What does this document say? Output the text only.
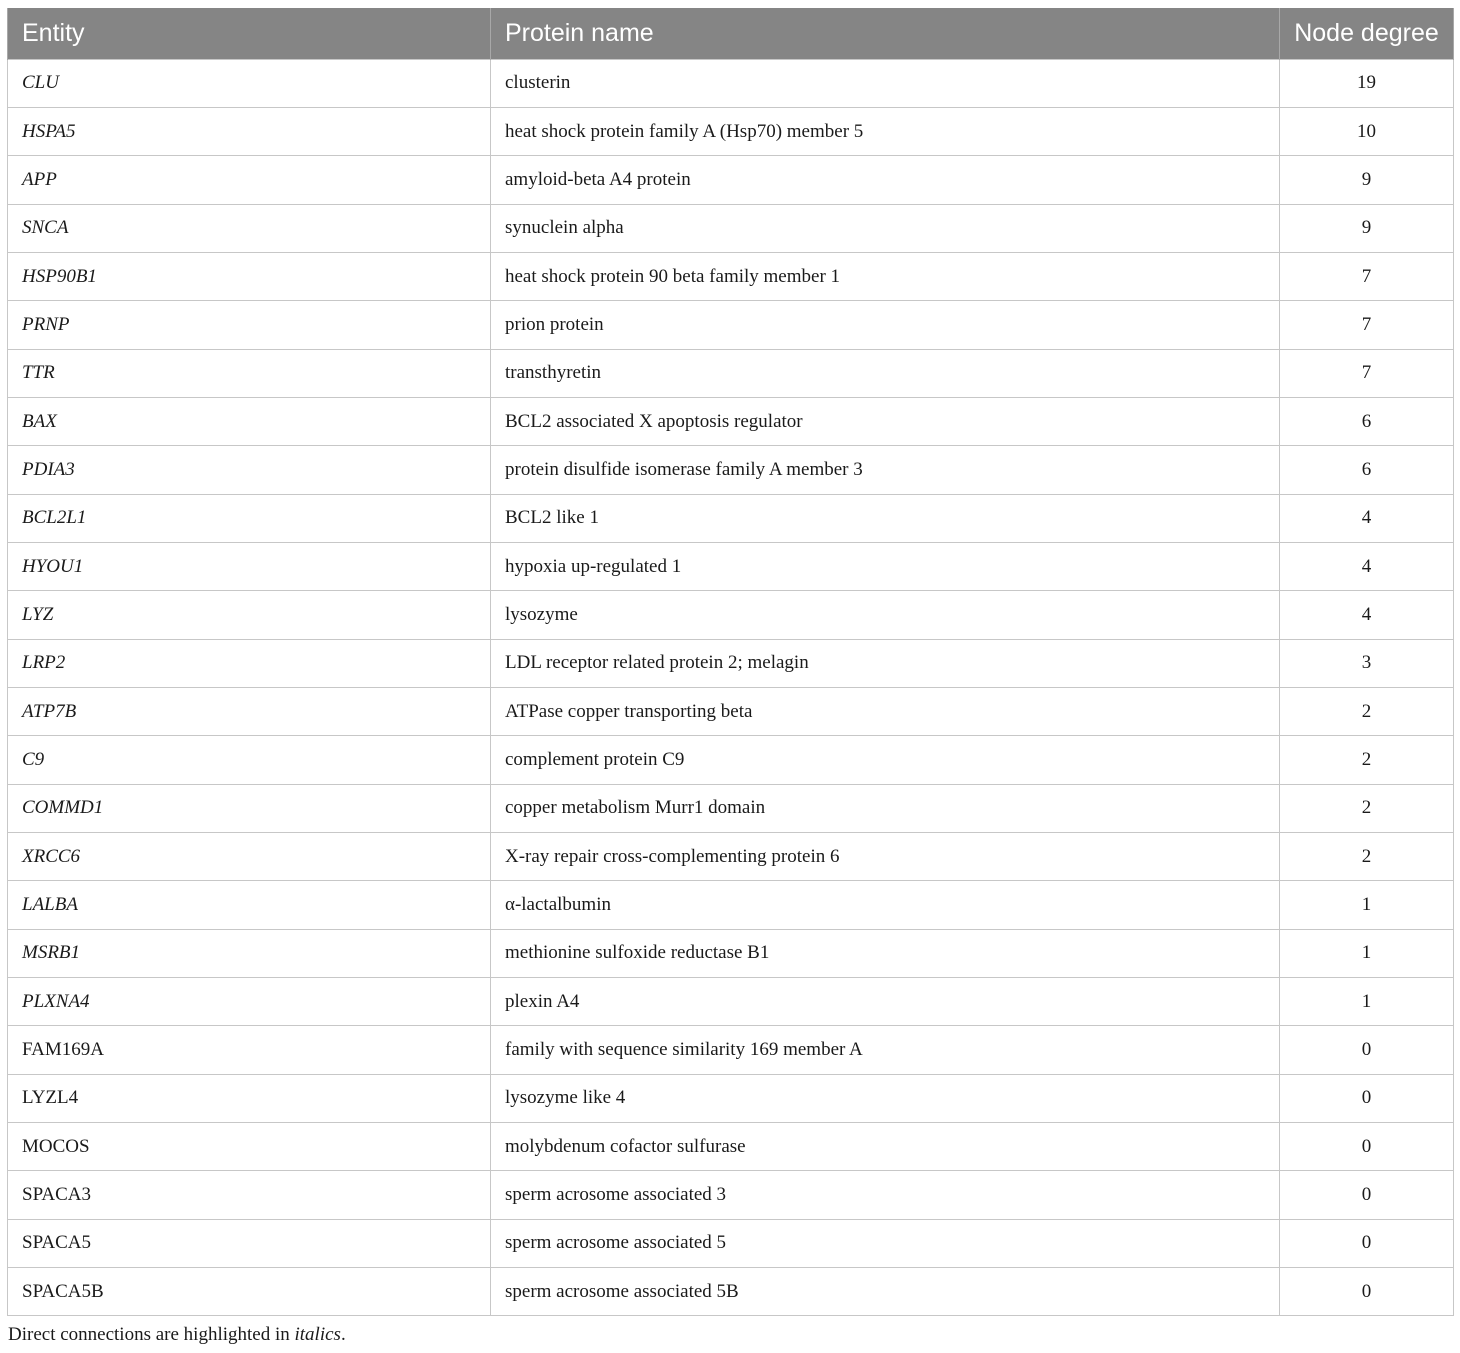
Entity	Protein name	Node degree
CLU	clusterin	19
HSPA5	heat shock protein family A (Hsp70) member 5	10
APP	amyloid-beta A4 protein	9
SNCA	synuclein alpha	9
HSP90B1	heat shock protein 90 beta family member 1	7
PRNP	prion protein	7
TTR	transthyretin	7
BAX	BCL2 associated X apoptosis regulator	6
PDIA3	protein disulfide isomerase family A member 3	6
BCL2L1	BCL2 like 1	4
HYOU1	hypoxia up-regulated 1	4
LYZ	lysozyme	4
LRP2	LDL receptor related protein 2; melagin	3
ATP7B	ATPase copper transporting beta	2
C9	complement protein C9	2
COMMD1	copper metabolism Murr1 domain	2
XRCC6	X-ray repair cross-complementing protein 6	2
LALBA	α-lactalbumin	1
MSRB1	methionine sulfoxide reductase B1	1
PLXNA4	plexin A4	1
FAM169A	family with sequence similarity 169 member A	0
LYZL4	lysozyme like 4	0
MOCOS	molybdenum cofactor sulfurase	0
SPACA3	sperm acrosome associated 3	0
SPACA5	sperm acrosome associated 5	0
SPACA5B	sperm acrosome associated 5B	0
Direct connections are highlighted in italics.
